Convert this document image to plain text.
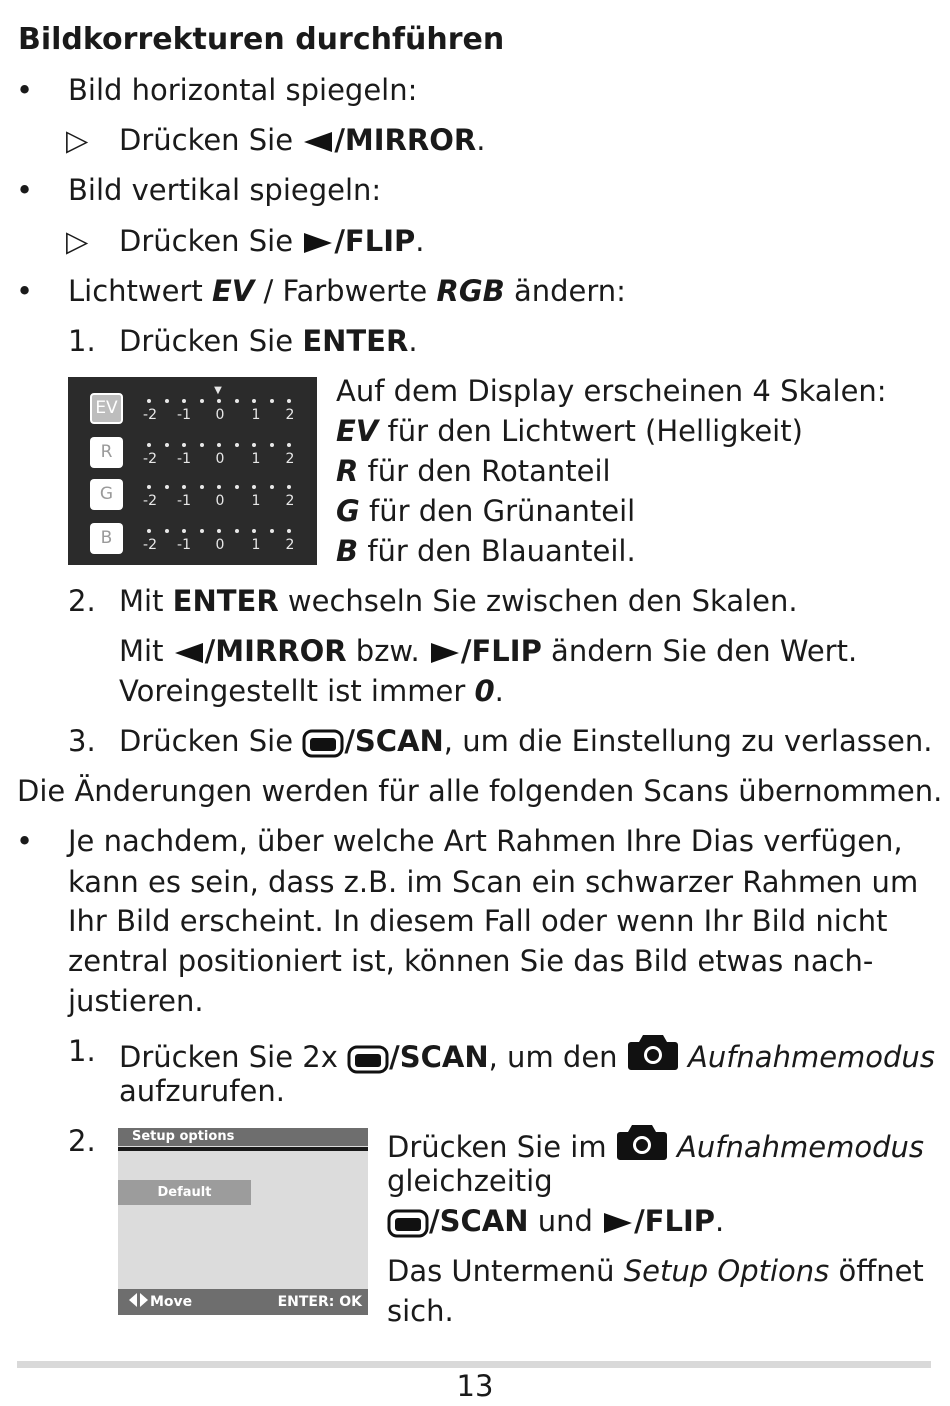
Bildkorrekturen durchführen
• Bild horizontal spiegeln:
▷ Drücken Sie /MIRROR.
• Bild vertikal spiegeln:
▷ Drücken Sie /FLIP.
• Lichtwert EV / Farbwerte RGB ändern:
1. Drücken Sie ENTER.
EV	-2	-1	0	1	2
R	-2	-1	0	1	2
G	-2	-1	0	1	2
B	-2	-1	0	1	2
▼	Auf dem Display erscheinen 4 Skalen:
EV für den Lichtwert (Helligkeit)
R für den Rotanteil
G für den Grünanteil
B für den Blauanteil.
2. Mit ENTER wechseln Sie zwischen den Skalen.
Mit /MIRROR bzw. /FLIP ändern Sie den Wert.
Voreingestellt ist immer 0.
3. Drücken Sie /SCAN, um die Einstellung zu verlassen.
Die Änderungen werden für alle folgenden Scans übernommen.
• Je nachdem, über welche Art Rahmen Ihre Dias verfügen,
kann es sein, dass z.B. im Scan ein schwarzer Rahmen um
Ihr Bild erscheint. In diesem Fall oder wenn Ihr Bild nicht
zentral positioniert ist, können Sie das Bild etwas nach-
justieren.
1. Drücken Sie 2x /SCAN, um den  Aufnahmemodus
aufzurufen.
2.	Setup options
Default
Move	ENTER: OK
Drücken Sie im  Aufnahmemodus
gleichzeitig
/SCAN und /FLIP.
Das Untermenü Setup Options öffnet
sich.
13
